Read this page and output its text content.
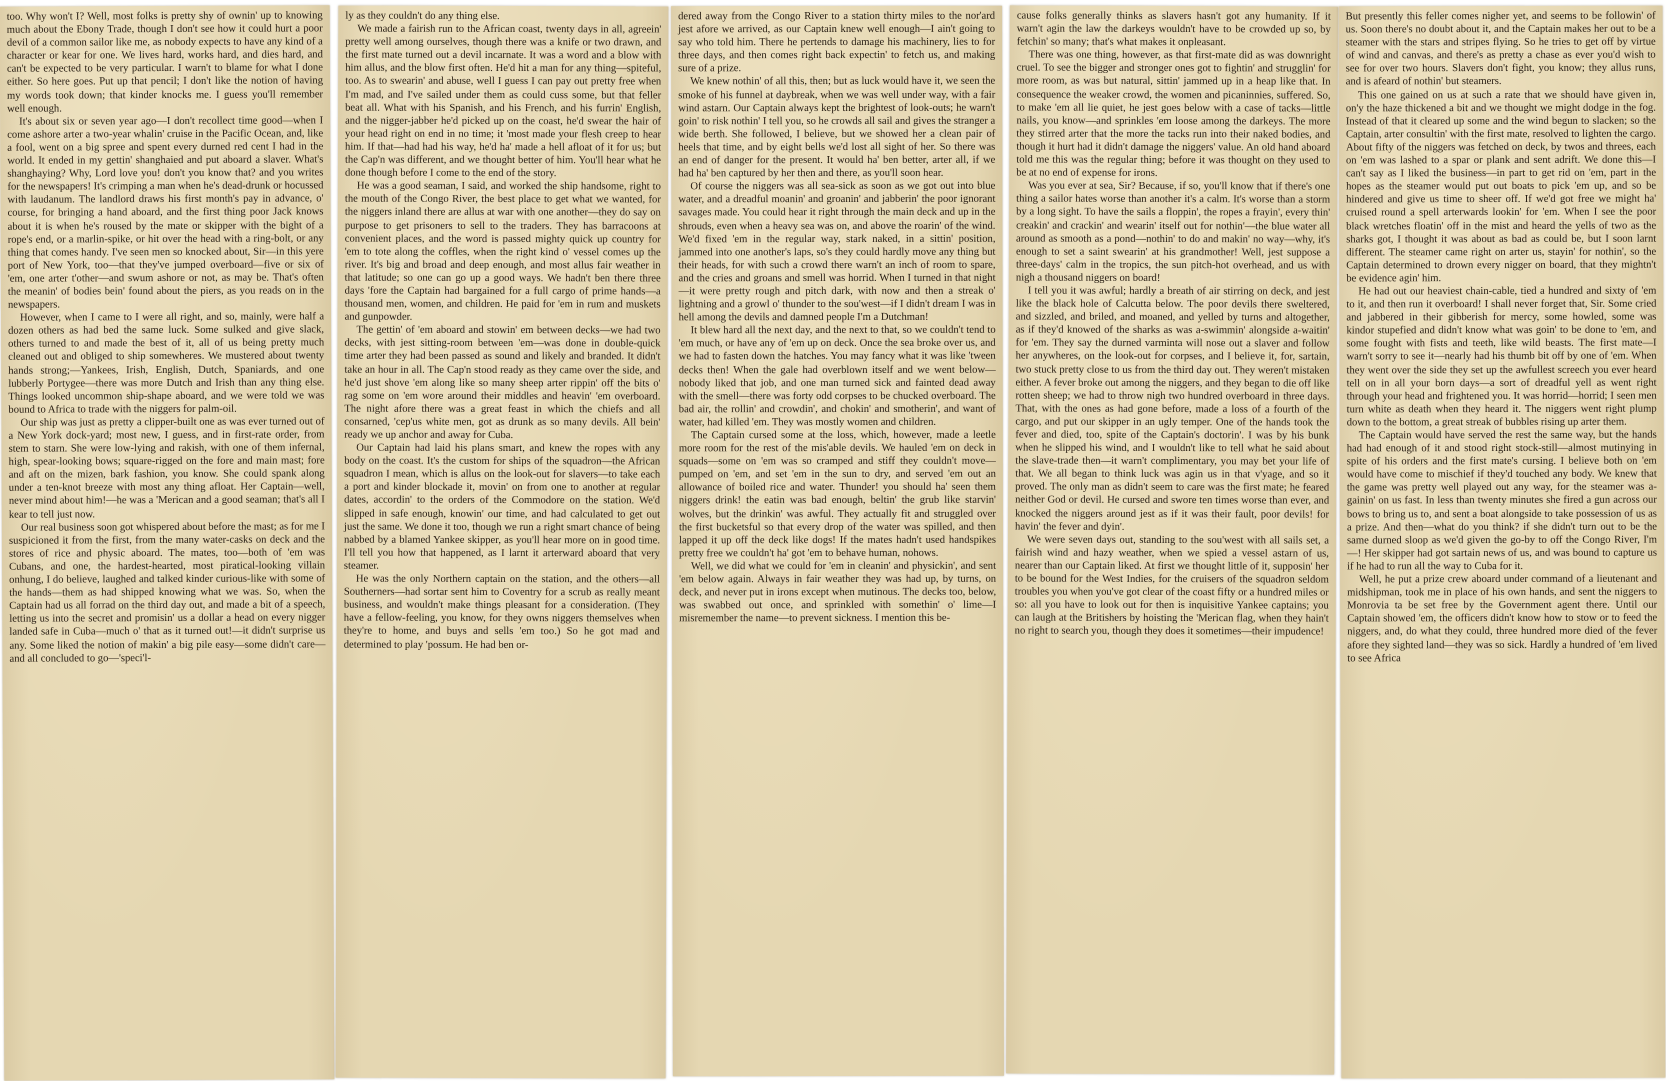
too. Why won't I? Well, most folks is pretty shy of ownin' up to knowing much about the Ebony Trade, though I don't see how it could hurt a poor devil of a common sailor like me, as nobody expects to have any kind of a character or kear for one. We lives hard, works hard, and dies hard, and can't be expected to be very particular. I warn't to blame for what I done either. So here goes. Put up that pencil; I don't like the notion of having my words took down; that kinder knocks me. I guess you'll remember well enough.

It's about six or seven year ago—I don't recollect time good—when I come ashore arter a two-year whalin' cruise in the Pacific Ocean, and, like a fool, went on a big spree and spent every durned red cent I had in the world. It ended in my gettin' shanghaied and put aboard a slaver. What's shanghaying? Why, Lord love you! don't you know that? and you writes for the newspapers! It's crimping a man when he's dead-drunk or hocussed with laudanum. The landlord draws his first month's pay in advance, o' course, for bringing a hand aboard, and the first thing poor Jack knows about it is when he's roused by the mate or skipper with the bight of a rope's end, or a marlin-spike, or hit over the head with a ring-bolt, or any thing that comes handy. I've seen men so knocked about, Sir—in this yere port of New York, too—that they've jumped overboard—five or six of 'em, one arter t'other—and swum ashore or not, as may be. That's often the meanin' of bodies bein' found about the piers, as you reads on in the newspapers.

However, when I came to I were all right, and so, mainly, were half a dozen others as had bed the same luck. Some sulked and give slack, others turned to and made the best of it, all of us being pretty much cleaned out and obliged to ship somewheres. We mustered about twenty hands strong;—Yankees, Irish, English, Dutch, Spaniards, and one lubberly Portygee—there was more Dutch and Irish than any thing else. Things looked uncommon ship-shape aboard, and we were told we was bound to Africa to trade with the niggers for palm-oil.

Our ship was just as pretty a clipper-built one as was ever turned out of a New York dock-yard; most new, I guess, and in first-rate order, from stem to starn. She were low-lying and rakish, with one of them infernal, high, spear-looking bows; square-rigged on the fore and main mast; fore and aft on the mizen, bark fashion, you know. She could spank along under a ten-knot breeze with most any thing afloat. Her Captain—well, never mind about him!—he was a 'Merican and a good seaman; that's all I kear to tell just now.

Our real business soon got whispered about before the mast; as for me I suspicioned it from the first, from the many water-casks on deck and the stores of rice and physic aboard. The mates, too—both of 'em was Cubans, and one, the hardest-hearted, most piratical-looking villain onhung, I do believe, laughed and talked kinder curious-like with some of the hands—them as had shipped knowing what we was. So, when the Captain had us all forrad on the third day out, and made a bit of a speech, letting us into the secret and promisin' us a dollar a head on every nigger landed safe in Cuba—much o' that as it turned out!—it didn't surprise us any. Some liked the notion of makin' a big pile easy—some didn't care—and all concluded to go—'speci'l-

ly as they couldn't do any thing else.

We made a fairish run to the African coast, twenty days in all, agreein' pretty well among ourselves, though there was a knife or two drawn, and the first mate turned out a devil incarnate. It was a word and a blow with him allus, and the blow first often. He'd hit a man for any thing—spiteful, too. As to swearin' and abuse, well I guess I can pay out pretty free when I'm mad, and I've sailed under them as could cuss some, but that feller beat all. What with his Spanish, and his French, and his furrin' English, and the nigger-jabber he'd picked up on the coast, he'd swear the hair of your head right on end in no time; it 'most made your flesh creep to hear him. If that—had had his way, he'd ha' made a hell afloat of it for us; but the Cap'n was different, and we thought better of him. You'll hear what he done though before I come to the end of the story.

He was a good seaman, I said, and worked the ship handsome, right to the mouth of the Congo River, the best place to get what we wanted, for the niggers inland there are allus at war with one another—they do say on purpose to get prisoners to sell to the traders. They has barracoons at convenient places, and the word is passed mighty quick up country for 'em to tote along the coffles, when the right kind o' vessel comes up the river. It's big and broad and deep enough, and most allus fair weather in that latitude; so one can go up a good ways. We hadn't ben there three days 'fore the Captain had bargained for a full cargo of prime hands—a thousand men, women, and children. He paid for 'em in rum and muskets and gunpowder.

The gettin' of 'em aboard and stowin' em between decks—we had two decks, with jest sitting-room between 'em—was done in double-quick time arter they had been passed as sound and likely and branded. It didn't take an hour in all. The Cap'n stood ready as they came over the side, and he'd just shove 'em along like so many sheep arter rippin' off the bits o' rag some on 'em wore around their middles and heavin' 'em overboard. The night afore there was a great feast in which the chiefs and all consarned, 'cep'us white men, got as drunk as so many devils. All bein' ready we up anchor and away for Cuba.

Our Captain had laid his plans smart, and knew the ropes with any body on the coast. It's the custom for ships of the squadron—the African squadron I mean, which is allus on the look-out for slavers—to take each a port and kinder blockade it, movin' on from one to another at regular dates, accordin' to the orders of the Commodore on the station. We'd slipped in safe enough, knowin' our time, and had calculated to get out just the same. We done it too, though we run a right smart chance of being nabbed by a blamed Yankee skipper, as you'll hear more on in good time. I'll tell you how that happened, as I larnt it arterward aboard that very steamer.

He was the only Northern captain on the station, and the others—all Southerners—had sortar sent him to Coventry for a scrub as really meant business, and wouldn't make things pleasant for a consideration. (They have a fellow-feeling, you know, for they owns niggers themselves when they're to home, and buys and sells 'em too.) So he got mad and determined to play 'possum. He had ben or-

dered away from the Congo River to a station thirty miles to the nor'ard jest afore we arrived, as our Captain knew well enough—I ain't going to say who told him. There he pertends to damage his machinery, lies to for three days, and then comes right back expectin' to fetch us, and making sure of a prize.

We knew nothin' of all this, then; but as luck would have it, we seen the smoke of his funnel at daybreak, when we was well under way, with a fair wind astarn. Our Captain always kept the brightest of look-outs; he warn't goin' to risk nothin' I tell you, so he crowds all sail and gives the stranger a wide berth. She followed, I believe, but we showed her a clean pair of heels that time, and by eight bells we'd lost all sight of her. So there was an end of danger for the present. It would ha' ben better, arter all, if we had ha' ben captured by her then and there, as you'll soon hear.

Of course the niggers was all sea-sick as soon as we got out into blue water, and a dreadful moanin' and groanin' and jabberin' the poor ignorant savages made. You could hear it right through the main deck and up in the shrouds, even when a heavy sea was on, and above the roarin' of the wind. We'd fixed 'em in the regular way, stark naked, in a sittin' position, jammed into one another's laps, so's they could hardly move any thing but their heads, for with such a crowd there warn't an inch of room to spare, and the cries and groans and smell was horrid. When I turned in that night—it were pretty rough and pitch dark, with now and then a streak o' lightning and a growl o' thunder to the sou'west—if I didn't dream I was in hell among the devils and damned people I'm a Dutchman!

It blew hard all the next day, and the next to that, so we couldn't tend to 'em much, or have any of 'em up on deck. Once the sea broke over us, and we had to fasten down the hatches. You may fancy what it was like 'tween decks then! When the gale had overblown itself and we went below—nobody liked that job, and one man turned sick and fainted dead away with the smell—there was forty odd corpses to be chucked overboard. The bad air, the rollin' and crowdin', and chokin' and smotherin', and want of water, had killed 'em. They was mostly women and children.

The Captain cursed some at the loss, which, however, made a leetle more room for the rest of the mis'able devils. We hauled 'em on deck in squads—some on 'em was so cramped and stiff they couldn't move—pumped on 'em, and set 'em in the sun to dry, and served 'em out an allowance of boiled rice and water. Thunder! you should ha' seen them niggers drink! the eatin was bad enough, beltin' the grub like starvin' wolves, but the drinkin' was awful. They actually fit and struggled over the first bucketsful so that every drop of the water was spilled, and then lapped it up off the deck like dogs! If the mates hadn't used handspikes pretty free we couldn't ha' got 'em to behave human, nohows.

Well, we did what we could for 'em in cleanin' and physickin', and sent 'em below again. Always in fair weather they was had up, by turns, on deck, and never put in irons except when mutinous. The decks too, below, was swabbed out once, and sprinkled with somethin' o' lime—I misremember the name—to prevent sickness. I mention this be-

cause folks generally thinks as slavers hasn't got any humanity. If it warn't agin the law the darkeys wouldn't have to be crowded up so, by fetchin' so many; that's what makes it onpleasant.

There was one thing, however, as that first-mate did as was downright cruel. To see the bigger and stronger ones got to fightin' and strugglin' for more room, as was but natural, sittin' jammed up in a heap like that. In consequence the weaker crowd, the women and picaninnies, suffered. So, to make 'em all lie quiet, he jest goes below with a case of tacks—little nails, you know—and sprinkles 'em loose among the darkeys. The more they stirred arter that the more the tacks run into their naked bodies, and though it hurt had it didn't damage the niggers' value. An old hand aboard told me this was the regular thing; before it was thought on they used to be at no end of expense for irons.

Was you ever at sea, Sir? Because, if so, you'll know that if there's one thing a sailor hates worse than another it's a calm. It's worse than a storm by a long sight. To have the sails a floppin', the ropes a frayin', every thin' creakin' and crackin' and wearin' itself out for nothin'—the blue water all around as smooth as a pond—nothin' to do and makin' no way—why, it's enough to set a saint swearin' at his grandmother! Well, jest suppose a three-days' calm in the tropics, the sun pitch-hot overhead, and us with nigh a thousand niggers on board!

I tell you it was awful; hardly a breath of air stirring on deck, and jest like the black hole of Calcutta below. The poor devils there sweltered, and sizzled, and briled, and moaned, and yelled by turns and altogether, as if they'd knowed of the sharks as was a-swimmin' alongside a-waitin' for 'em. They say the durned varminta will nose out a slaver and follow her anywheres, on the look-out for corpses, and I believe it, for, sartain, two stuck pretty close to us from the third day out. They weren't mistaken either. A fever broke out among the niggers, and they began to die off like rotten sheep; we had to throw nigh two hundred overboard in three days. That, with the ones as had gone before, made a loss of a fourth of the cargo, and put our skipper in an ugly temper. One of the hands took the fever and died, too, spite of the Captain's doctorin'. I was by his bunk when he slipped his wind, and I wouldn't like to tell what he said about the slave-trade then—it warn't complimentary, you may bet your life of that. We all began to think luck was agin us in that v'yage, and so it proved. The only man as didn't seem to care was the first mate; he feared neither God or devil. He cursed and swore ten times worse than ever, and knocked the niggers around jest as if it was their fault, poor devils! for havin' the fever and dyin'.

We were seven days out, standing to the sou'west with all sails set, a fairish wind and hazy weather, when we spied a vessel astarn of us, nearer than our Captain liked. At first we thought little of it, supposin' her to be bound for the West Indies, for the cruisers of the squadron seldom troubles you when you've got clear of the coast fifty or a hundred miles or so: all you have to look out for then is inquisitive Yankee captains; you can laugh at the Britishers by hoisting the 'Merican flag, when they hain't no right to search you, though they does it sometimes—their impudence!

But presently this feller comes nigher yet, and seems to be followin' of us. Soon there's no doubt about it, and the Captain makes her out to be a steamer with the stars and stripes flying. So he tries to get off by virtue of wind and canvas, and there's as pretty a chase as ever you'd wish to see for over two hours. Slavers don't fight, you know; they allus runs, and is afeard of nothin' but steamers.

This one gained on us at such a rate that we should have given in, on'y the haze thickened a bit and we thought we might dodge in the fog. Instead of that it cleared up some and the wind begun to slacken; so the Captain, arter consultin' with the first mate, resolved to lighten the cargo. About fifty of the niggers was fetched on deck, by twos and threes, each on 'em was lashed to a spar or plank and sent adrift. We done this—I can't say as I liked the business—in part to get rid on 'em, part in the hopes as the steamer would put out boats to pick 'em up, and so be hindered and give us time to sheer off. If we'd got free we might ha' cruised round a spell arterwards lookin' for 'em. When I see the poor black wretches floatin' off in the mist and heard the yells of two as the sharks got, I thought it was about as bad as could be, but I soon larnt different. The steamer came right on arter us, stayin' for nothin', so the Captain determined to drown every nigger on board, that they mightn't be evidence agin' him.

He had out our heaviest chain-cable, tied a hundred and sixty of 'em to it, and then run it overboard! I shall never forget that, Sir. Some cried and jabbered in their gibberish for mercy, some howled, some was kindor stupefied and didn't know what was goin' to be done to 'em, and some fought with fists and teeth, like wild beasts. The first mate—I warn't sorry to see it—nearly had his thumb bit off by one of 'em. When they went over the side they set up the awfullest screech you ever heard tell on in all your born days—a sort of dreadful yell as went right through your head and frightened you. It was horrid—horrid; I seen men turn white as death when they heard it. The niggers went right plump down to the bottom, a great streak of bubbles rising up arter them.

The Captain would have served the rest the same way, but the hands had had enough of it and stood right stock-still—almost mutinying in spite of his orders and the first mate's cursing. I believe both on 'em would have come to mischief if they'd touched any body. We knew that the game was pretty well played out any way, for the steamer was a-gainin' on us fast. In less than twenty minutes she fired a gun across our bows to bring us to, and sent a boat alongside to take possession of us as a prize. And then—what do you think? if she didn't turn out to be the same durned sloop as we'd given the go-by to off the Congo River, I'm—! Her skipper had got sartain news of us, and was bound to capture us if he had to run all the way to Cuba for it.

Well, he put a prize crew aboard under command of a lieutenant and midshipman, took me in place of his own hands, and sent the niggers to Monrovia ta be set free by the Government agent there. Until our Captain showed 'em, the officers didn't know how to stow or to feed the niggers, and, do what they could, three hundred more died of the fever afore they sighted land—they was so sick. Hardly a hundred of 'em lived to see Africa
